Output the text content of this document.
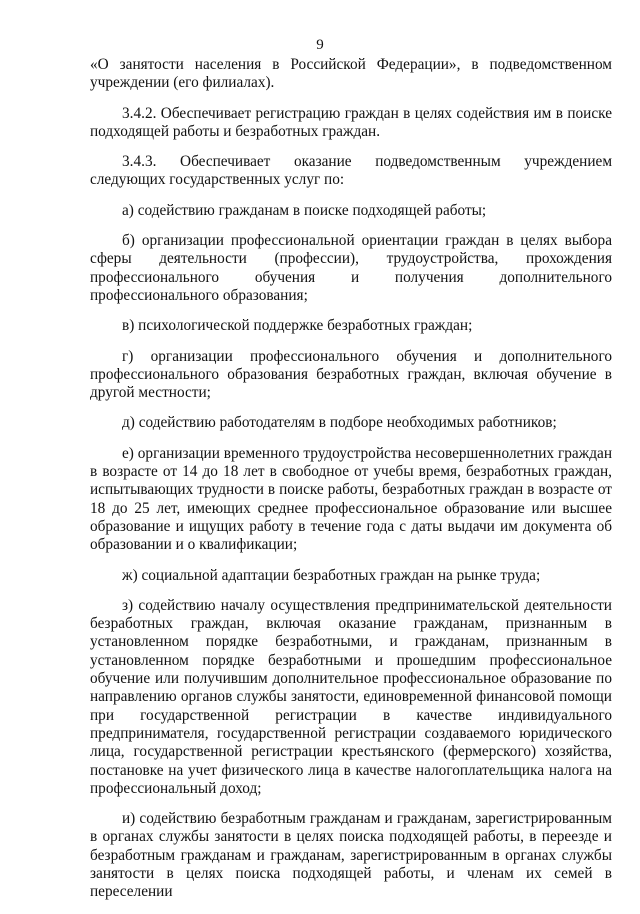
9

«О занятости населения в Российской Федерации», в подведомственном учреждении (его филиалах).

3.4.2. Обеспечивает регистрацию граждан в целях содействия им в поиске подходящей работы и безработных граждан.

3.4.3. Обеспечивает оказание подведомственным учреждением следующих государственных услуг по:

а) содействию гражданам в поиске подходящей работы;

б) организации профессиональной ориентации граждан в целях выбора сферы деятельности (профессии), трудоустройства, прохождения профессионального обучения и получения дополнительного профессионального образования;

в) психологической поддержке безработных граждан;

г) организации профессионального обучения и дополнительного профессионального образования безработных граждан, включая обучение в другой местности;

д) содействию работодателям в подборе необходимых работников;

е) организации временного трудоустройства несовершеннолетних граждан в возрасте от 14 до 18 лет в свободное от учебы время, безработных граждан, испытывающих трудности в поиске работы, безработных граждан в возрасте от 18 до 25 лет, имеющих среднее профессиональное образование или высшее образование и ищущих работу в течение года с даты выдачи им документа об образовании и о квалификации;

ж) социальной адаптации безработных граждан на рынке труда;

з) содействию началу осуществления предпринимательской деятельности безработных граждан, включая оказание гражданам, признанным в установленном порядке безработными, и гражданам, признанным в установленном порядке безработными и прошедшим профессиональное обучение или получившим дополнительное профессиональное образование по направлению органов службы занятости, единовременной финансовой помощи при государственной регистрации в качестве индивидуального предпринимателя, государственной регистрации создаваемого юридического лица, государственной регистрации крестьянского (фермерского) хозяйства, постановке на учет физического лица в качестве налогоплательщика налога на профессиональный доход;

и) содействию безработным гражданам и гражданам, зарегистрированным в органах службы занятости в целях поиска подходящей работы, в переезде и безработным гражданам и гражданам, зарегистрированным в органах службы занятости в целях поиска подходящей работы, и членам их семей в переселении
